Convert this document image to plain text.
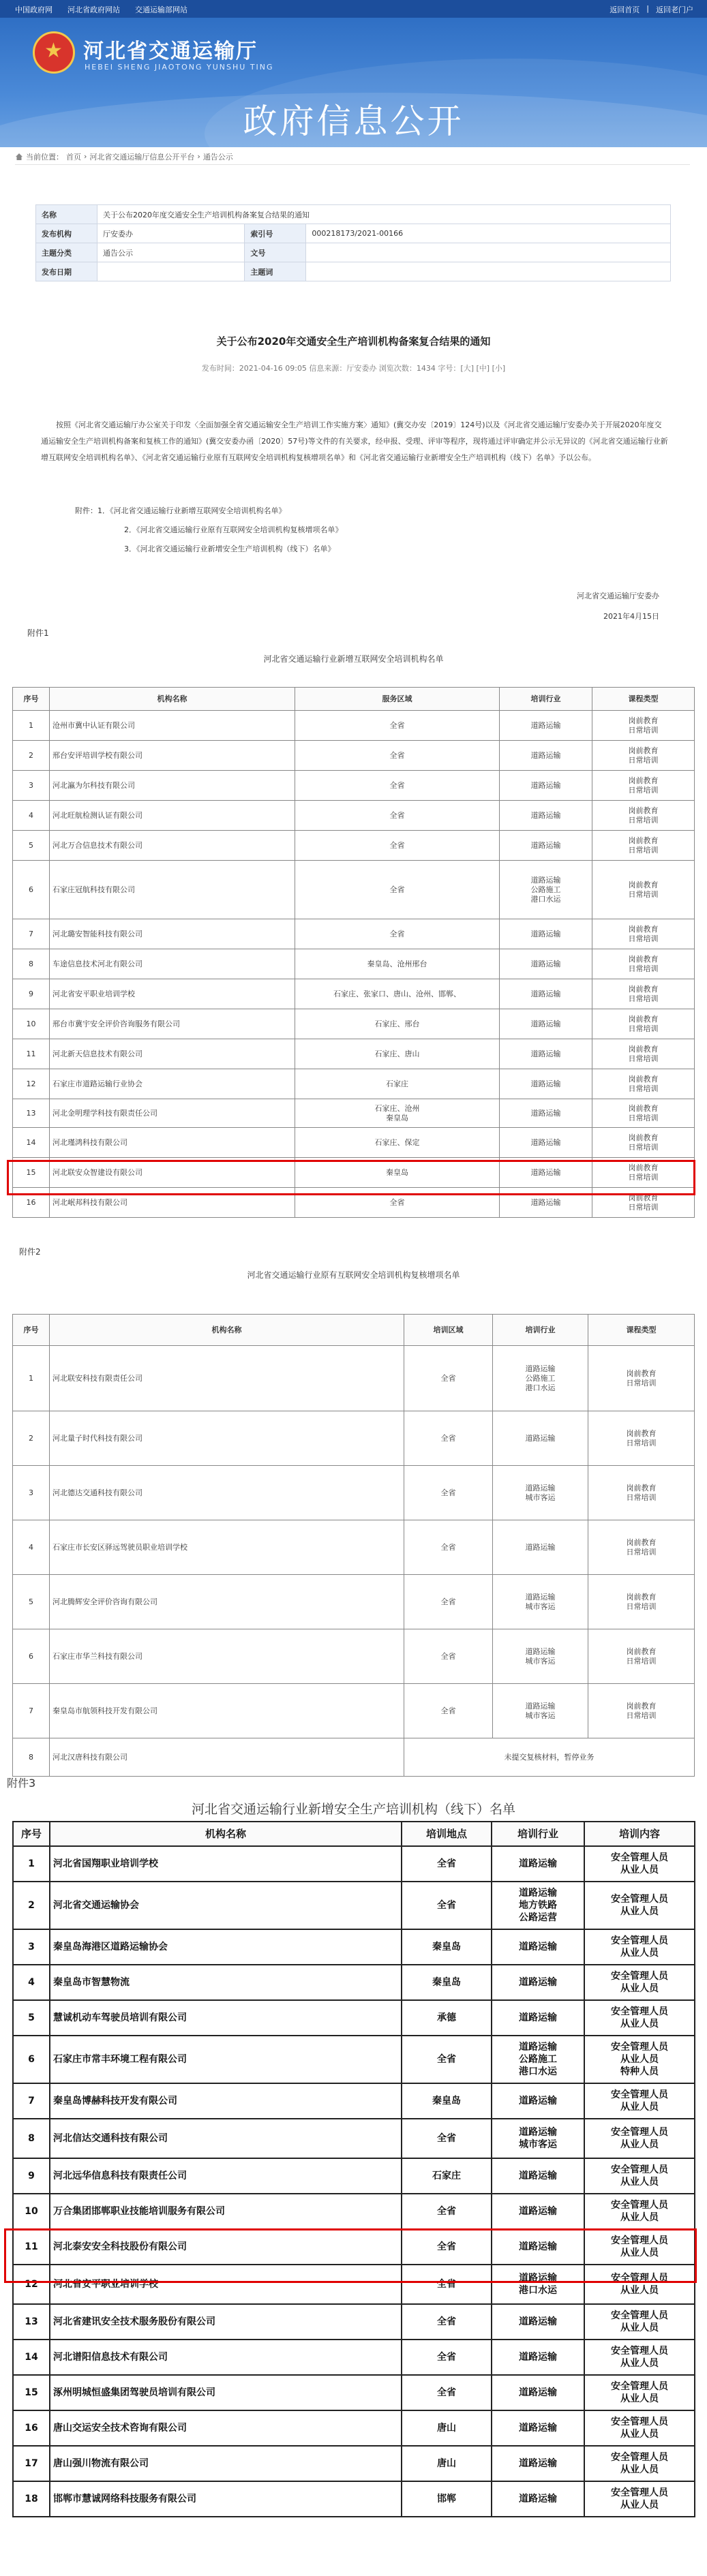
中国政府网 河北省政府网站 交通运输部网站	返回首页 | 返回老门户
★ 河北省交通运输厅
HEBEI SHENG JIAOTONG YUNSHU TING
政府信息公开
当前位置： 首页 › 河北省交通运输厅信息公开平台 › 通告公示
名称	关于公布2020年度交通安全生产培训机构备案复合结果的通知		
发布机构	厅安委办	索引号	000218173/2021-00166
主题分类	通告公示	文号	
发布日期		主题词	
关于公布2020年交通安全生产培训机构备案复合结果的通知
发布时间：2021-04-16 09:05 信息来源：厅安委办 浏览次数：1434 字号：[大] [中] [小]
按照《河北省交通运输厅办公室关于印发〈全面加强全省交通运输安全生产培训工作实施方案〉通知》(冀交办安〔2019〕124号)以及《河北省交通运输厅安委办关于开展2020年度交通运输安全生产培训机构备案和复核工作的通知》(冀交安委办函〔2020〕57号)等文件的有关要求，经申报、受理、评审等程序，现将通过评审确定并公示无异议的《河北省交通运输行业新增互联网安全培训机构名单》、《河北省交通运输行业原有互联网安全培训机构复核增项名单》和《河北省交通运输行业新增安全生产培训机构（线下）名单》予以公布。
附件：1．《河北省交通运输行业新增互联网安全培训机构名单》
2．《河北省交通运输行业原有互联网安全培训机构复核增项名单》
3．《河北省交通运输行业新增安全生产培训机构（线下）名单》
河北省交通运输厅安委办
2021年4月15日
附件1
河北省交通运输行业新增互联网安全培训机构名单
序号	机构名称	服务区域	培训行业	课程类型
1	沧州市冀中认证有限公司	全省	道路运输	岗前教育
日常培训
2	邢台安评培训学校有限公司	全省	道路运输	岗前教育
日常培训
3	河北瀛为尔科技有限公司	全省	道路运输	岗前教育
日常培训
4	河北旺航检测认证有限公司	全省	道路运输	岗前教育
日常培训
5	河北万合信息技术有限公司	全省	道路运输	岗前教育
日常培训
6	石家庄冠航科技有限公司	全省	道路运输
公路施工
港口水运	岗前教育
日常培训
7	河北璐安智能科技有限公司	全省	道路运输	岗前教育
日常培训
8	车途信息技术河北有限公司	秦皇岛、沧州邢台	道路运输	岗前教育
日常培训
9	河北省安平职业培训学校	石家庄、张家口、唐山、沧州、邯郸、	道路运输	岗前教育
日常培训
10	邢台市冀宇安全评价咨询服务有限公司	石家庄、邢台	道路运输	岗前教育
日常培训
11	河北新天信息技术有限公司	石家庄、唐山	道路运输	岗前教育
日常培训
12	石家庄市道路运输行业协会	石家庄	道路运输	岗前教育
日常培训
13	河北金明理学科技有限责任公司	石家庄、沧州
秦皇岛	道路运输	岗前教育
日常培训
14	河北瑾鸿科技有限公司	石家庄、保定	道路运输	岗前教育
日常培训
15	河北联安众智建设有限公司	秦皇岛	道路运输	岗前教育
日常培训
16	河北岷邦科技有限公司	全省	道路运输	岗前教育
日常培训
附件2
河北省交通运输行业原有互联网安全培训机构复核增项名单
序号	机构名称	培训区域	培训行业	课程类型
1	河北联安科技有限责任公司	全省	道路运输
公路施工
港口水运	岗前教育
日常培训
2	河北量子时代科技有限公司	全省	道路运输	岗前教育
日常培训
3	河北德达交通科技有限公司	全省	道路运输
城市客运	岗前教育
日常培训
4	石家庄市长安区驿远驾驶员职业培训学校	全省	道路运输	岗前教育
日常培训
5	河北腾辉安全评价咨询有限公司	全省	道路运输
城市客运	岗前教育
日常培训
6	石家庄市华兰科技有限公司	全省	道路运输
城市客运	岗前教育
日常培训
7	秦皇岛市航领科技开发有限公司	全省	道路运输
城市客运	岗前教育
日常培训
8	河北汉唐科技有限公司	未提交复核材料，暂停业务		
附件3
河北省交通运输行业新增安全生产培训机构（线下）名单
序号	机构名称	培训地点	培训行业	培训内容
1	河北省国翔职业培训学校	全省	道路运输	安全管理人员
从业人员
2	河北省交通运输协会	全省	道路运输
地方铁路
公路运营	安全管理人员
从业人员
3	秦皇岛海港区道路运输协会	秦皇岛	道路运输	安全管理人员
从业人员
4	秦皇岛市智慧物流	秦皇岛	道路运输	安全管理人员
从业人员
5	慧诚机动车驾驶员培训有限公司	承德	道路运输	安全管理人员
从业人员
6	石家庄市常丰环境工程有限公司	全省	道路运输
公路施工
港口水运	安全管理人员
从业人员
特种人员
7	秦皇岛博赫科技开发有限公司	秦皇岛	道路运输	安全管理人员
从业人员
8	河北信达交通科技有限公司	全省	道路运输
城市客运	安全管理人员
从业人员
9	河北远华信息科技有限责任公司	石家庄	道路运输	安全管理人员
从业人员
10	万合集团邯郸职业技能培训服务有限公司	全省	道路运输	安全管理人员
从业人员
11	河北泰安安全科技股份有限公司	全省	道路运输	安全管理人员
从业人员
12	河北省安平职业培训学校	全省	道路运输
港口水运	安全管理人员
从业人员
13	河北省建讯安全技术服务股份有限公司	全省	道路运输	安全管理人员
从业人员
14	河北谱阳信息技术有限公司	全省	道路运输	安全管理人员
从业人员
15	涿州明城恒盛集团驾驶员培训有限公司	全省	道路运输	安全管理人员
从业人员
16	唐山交运安全技术咨询有限公司	唐山	道路运输	安全管理人员
从业人员
17	唐山强川物流有限公司	唐山	道路运输	安全管理人员
从业人员
18	邯郸市慧诚网络科技服务有限公司	邯郸	道路运输	安全管理人员
从业人员
